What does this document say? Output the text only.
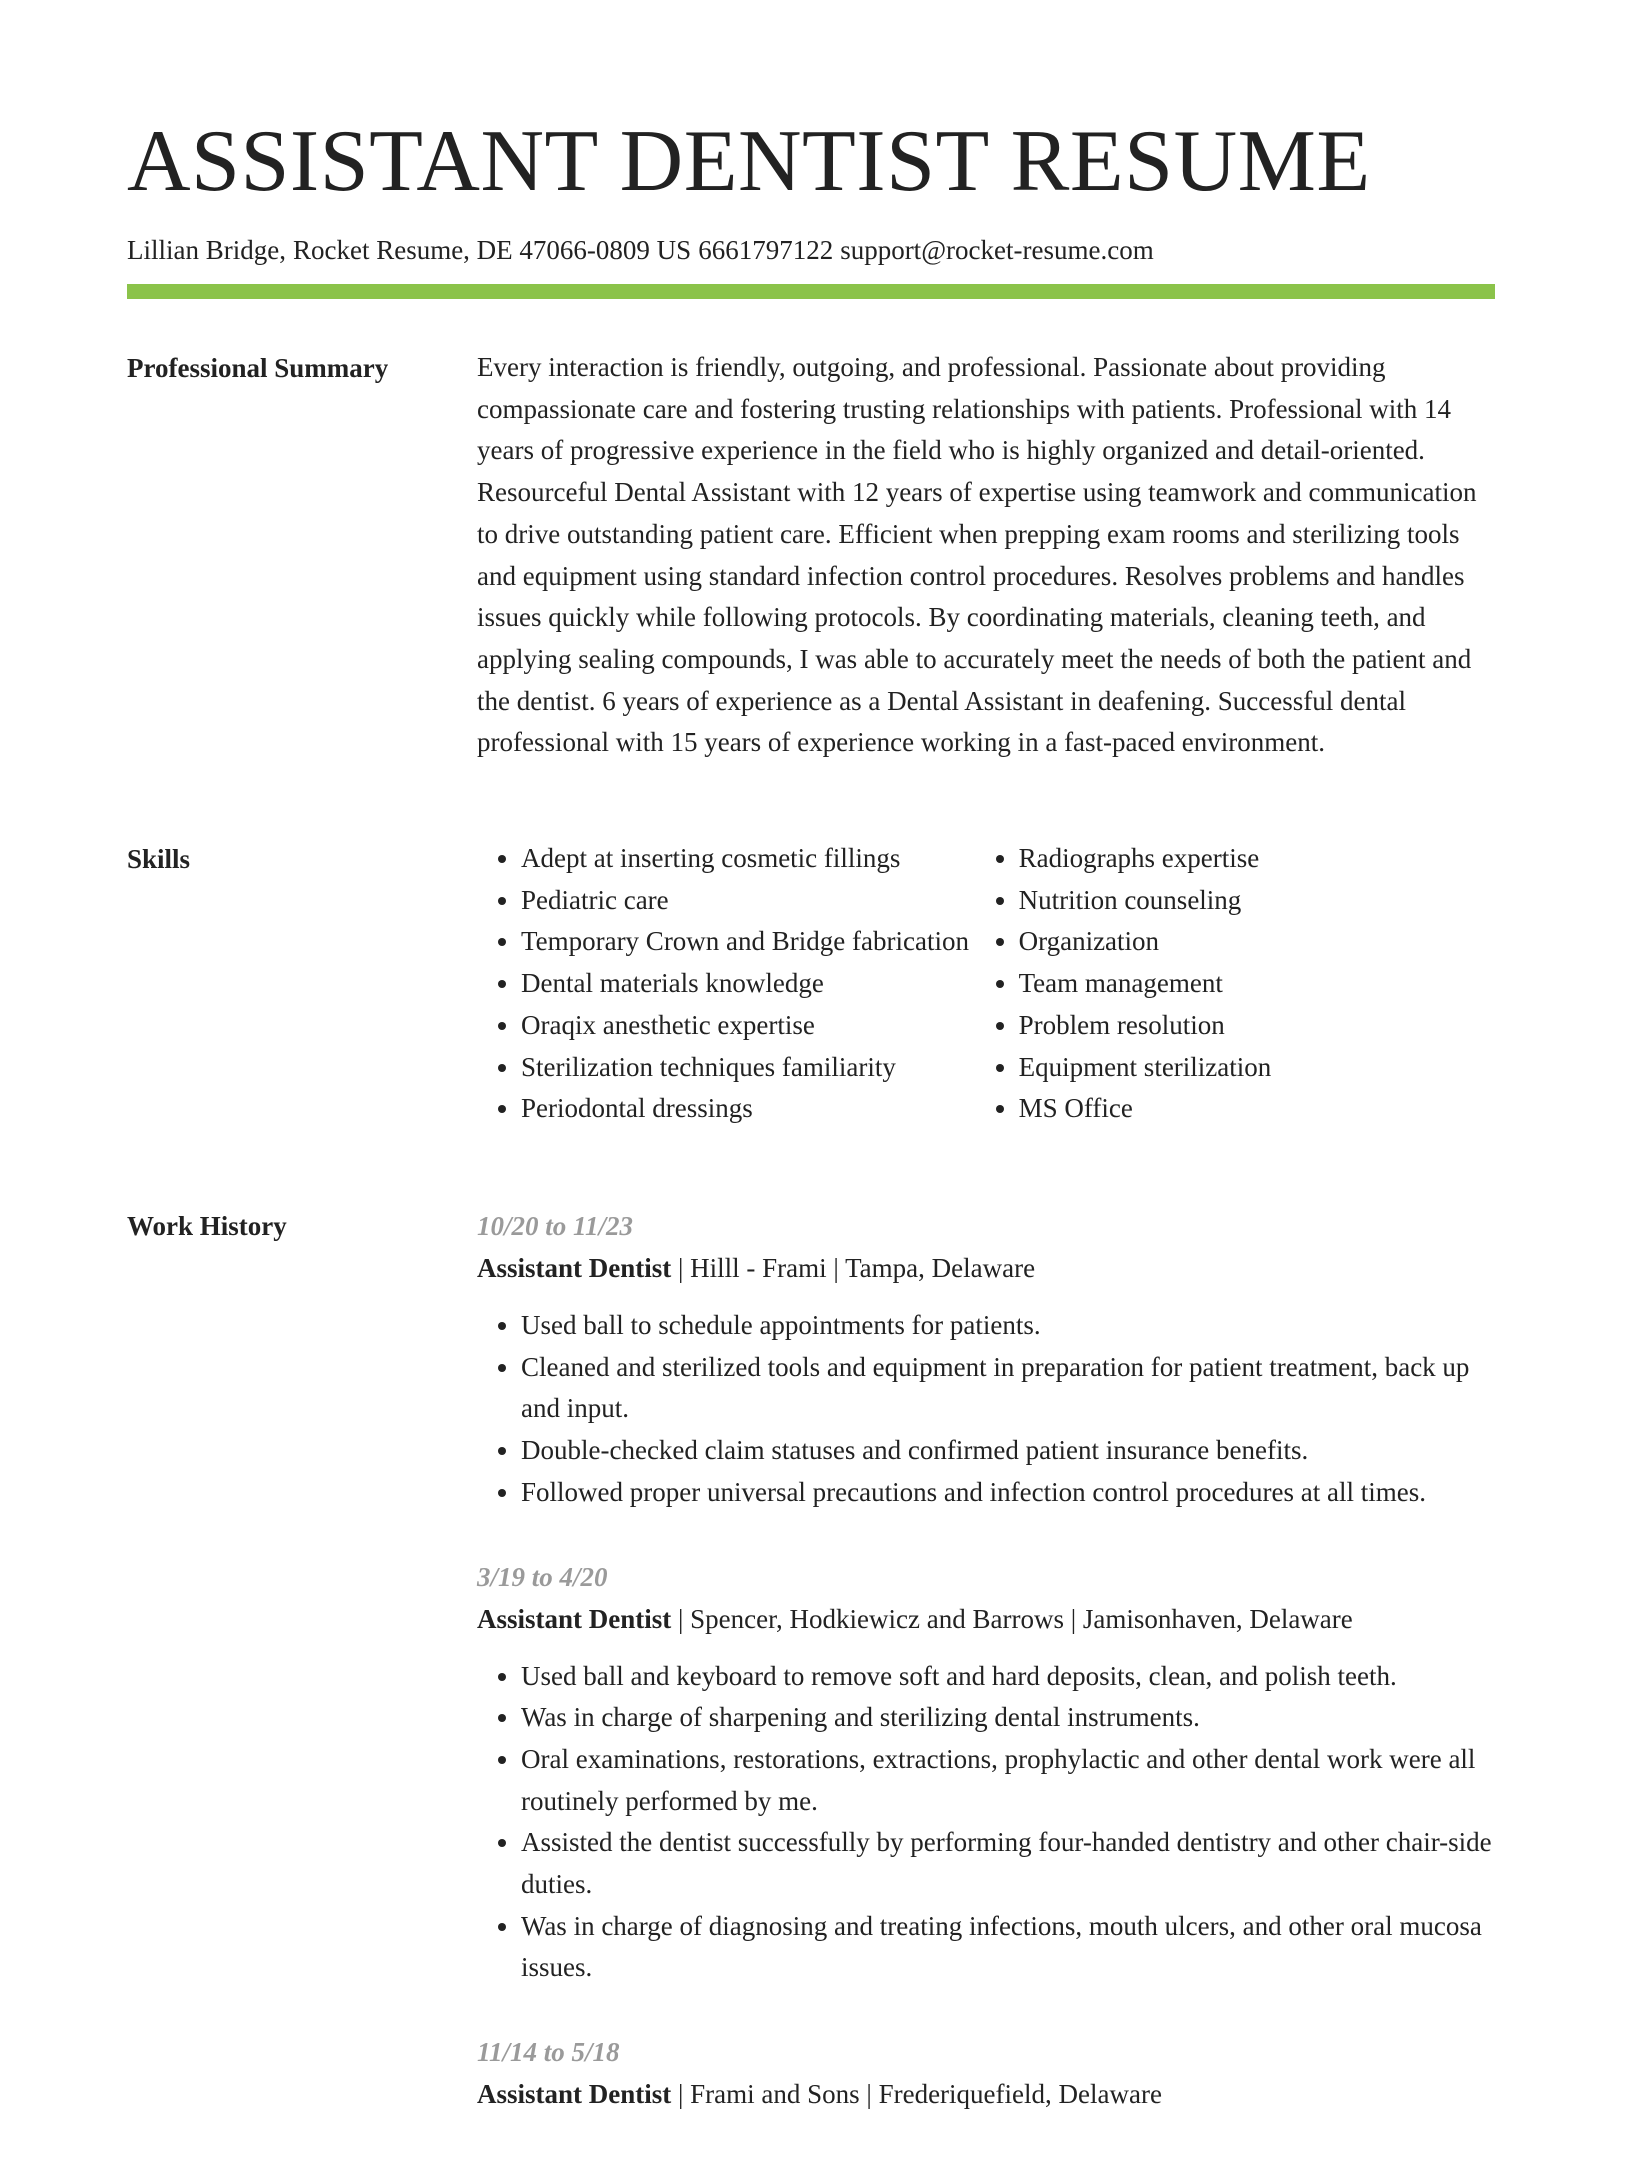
ASSISTANT DENTIST RESUME
Lillian Bridge, Rocket Resume, DE 47066-0809 US 6661797122 support@rocket-resume.com
Professional Summary	Every interaction is friendly, outgoing, and professional. Passionate about providing compassionate care and fostering trusting relationships with patients. Professional with 14 years of progressive experience in the field who is highly organized and detail-oriented. Resourceful Dental Assistant with 12 years of expertise using teamwork and communication to drive outstanding patient care. Efficient when prepping exam rooms and sterilizing tools and equipment using standard infection control procedures. Resolves problems and handles issues quickly while following protocols. By coordinating materials, cleaning teeth, and applying sealing compounds, I was able to accurately meet the needs of both the patient and the dentist. 6 years of experience as a Dental Assistant in deafening. Successful dental professional with 15 years of experience working in a fast-paced environment.

Skills
•	Adept at inserting cosmetic fillings
• Pediatric care
• Temporary Crown and Bridge fabrication
• Dental materials knowledge
• Oraqix anesthetic expertise
• Sterilization techniques familiarity
• Periodontal dressings
• Radiographs expertise
• Nutrition counseling
• Organization
• Team management
• Problem resolution
• Equipment sterilization
• MS Office
Work History	10/20 to 11/23
Assistant Dentist | Hilll - Frami | Tampa, Delaware
• Used ball to schedule appointments for patients.
• Cleaned and sterilized tools and equipment in preparation for patient treatment, back up and input.
• Double-checked claim statuses and confirmed patient insurance benefits.
• Followed proper universal precautions and infection control procedures at all times.
3/19 to 4/20
Assistant Dentist | Spencer, Hodkiewicz and Barrows | Jamisonhaven, Delaware
• Used ball and keyboard to remove soft and hard deposits, clean, and polish teeth.
• Was in charge of sharpening and sterilizing dental instruments.
• Oral examinations, restorations, extractions, prophylactic and other dental work were all routinely performed by me.
• Assisted the dentist successfully by performing four-handed dentistry and other chair-side duties.
• Was in charge of diagnosing and treating infections, mouth ulcers, and other oral mucosa issues.
11/14 to 5/18
Assistant Dentist | Frami and Sons | Frederiquefield, Delaware
